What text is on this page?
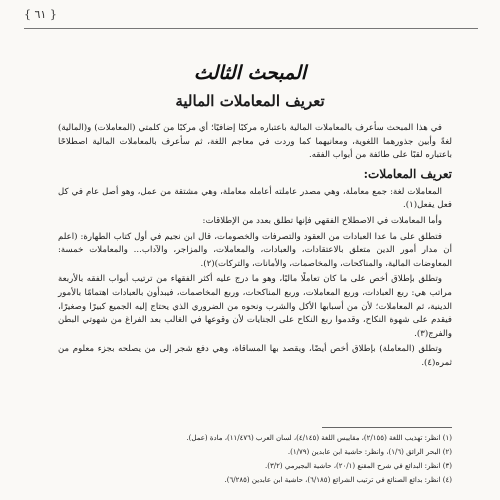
{ ٦١ }
المبحث الثالث
تعريف المعاملات المالية

في هذا المبحث سأعرف بالمعاملات المالية باعتباره مركبًا إضافيًا؛ أي مركبًا من كلمتي (المعاملات) و(المالية) لغةً وأبين جذورهما اللغوية، ومعانيهما كما وردت في معاجم اللغة، ثم سأعرف بالمعاملات المالية اصطلاحًا باعتباره لقبًا على طائفة من أبواب الفقه.

تعريف المعاملات:

المعاملات لغة: جمع معاملة، وهي مصدر عاملته أعامله معاملة، وهي مشتقة من عمل، وهو أصل عام في كل فعل يفعل(١).

وأما المعاملات في الاصطلاح الفقهي فإنها تطلق بعدد من الإطلاقات:

فتطلق على ما عدا العبادات من العقود والتصرفات والخصومات، قال ابن نجيم في أول كتاب الطهارة: (اعلم أن مدار أمور الدين متعلق بالاعتقادات، والعبادات، والمعاملات، والمزاجر، والآداب... والمعاملات خمسة: المعاوضات المالية، والمناكحات، والمخاصمات، والأمانات، والتركات)(٢).

وتطلق بإطلاق أخص على ما كان تعاملًا ماليًا، وهو ما درج عليه أكثر الفقهاء من ترتيب أبواب الفقه بالأربعة مراتب هي: ربع العبادات، وربع المعاملات، وربع المناكحات، وربع المخاصمات، فيبدأون بالعبادات اهتمامًا بالأمور الدينية، ثم المعاملات؛ لأن من أسبابها الأكل والشرب ونحوه من الضروري الذي يحتاج إليه الجميع كبيرًا وصغيرًا، فيقدم على شهوة النكاح، وقدموا ربع النكاح على الجنايات لأن وقوعها في الغالب بعد الفراغ من شهوتي البطن والفرج(٣).

وتطلق (المعاملة) بإطلاق أخص أيضًا، ويقصد بها المساقاة، وهي دفع شجر إلى من يصلحه بجزء معلوم من ثمره(٤).

(١) انظر: تهذيب اللغة (٢/١٥٥)، مقاييس اللغة (٤/١٤٥)، لسان العرب (١١/٤٧٦)، مادة (عمل).
(٢) البحر الرائق (١/٦)، وانظر: حاشية ابن عابدين (١/٧٩).
(٣) انظر: البدائع في شرح المقنع (٢٠/١)، حاشية البجيرمي (٣/٢).
(٤) انظر: بدائع الصنائع في ترتيب الشرائع (٦/١٨٥)، حاشية ابن عابدين (٦/٢٨٥).
